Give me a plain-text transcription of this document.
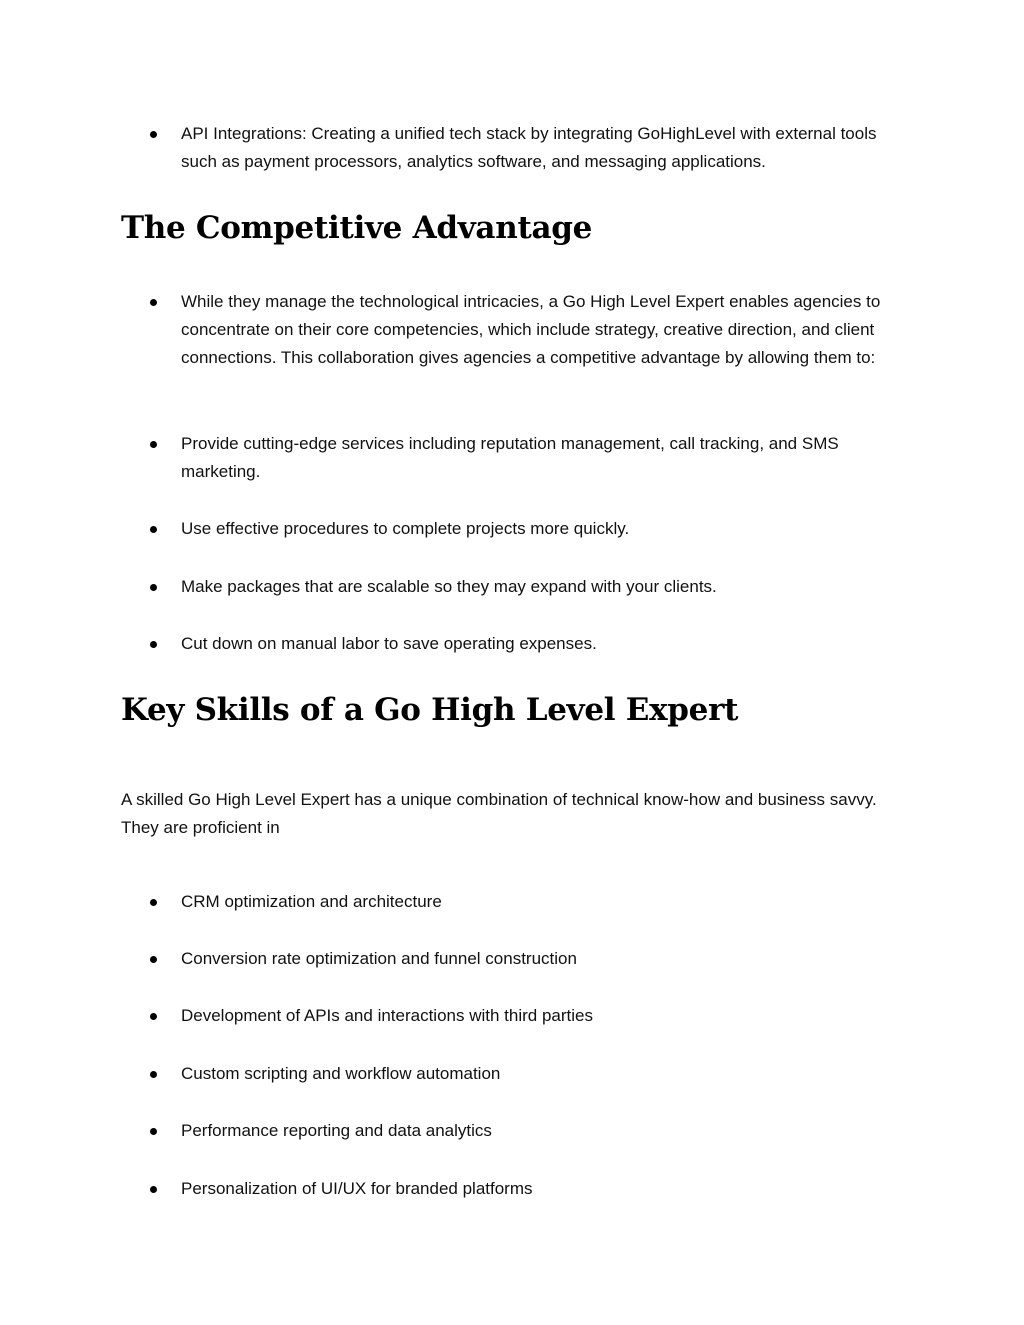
API Integrations: Creating a unified tech stack by integrating GoHighLevel with external tools such as payment processors, analytics software, and messaging applications.
The Competitive Advantage
While they manage the technological intricacies, a Go High Level Expert enables agencies to concentrate on their core competencies, which include strategy, creative direction, and client connections. This collaboration gives agencies a competitive advantage by allowing them to:
Provide cutting-edge services including reputation management, call tracking, and SMS marketing.
Use effective procedures to complete projects more quickly.
Make packages that are scalable so they may expand with your clients.
Cut down on manual labor to save operating expenses.
Key Skills of a Go High Level Expert

A skilled Go High Level Expert has a unique combination of technical know-how and business savvy. They are proficient in

CRM optimization and architecture
Conversion rate optimization and funnel construction
Development of APIs and interactions with third parties
Custom scripting and workflow automation
Performance reporting and data analytics
Personalization of UI/UX for branded platforms
